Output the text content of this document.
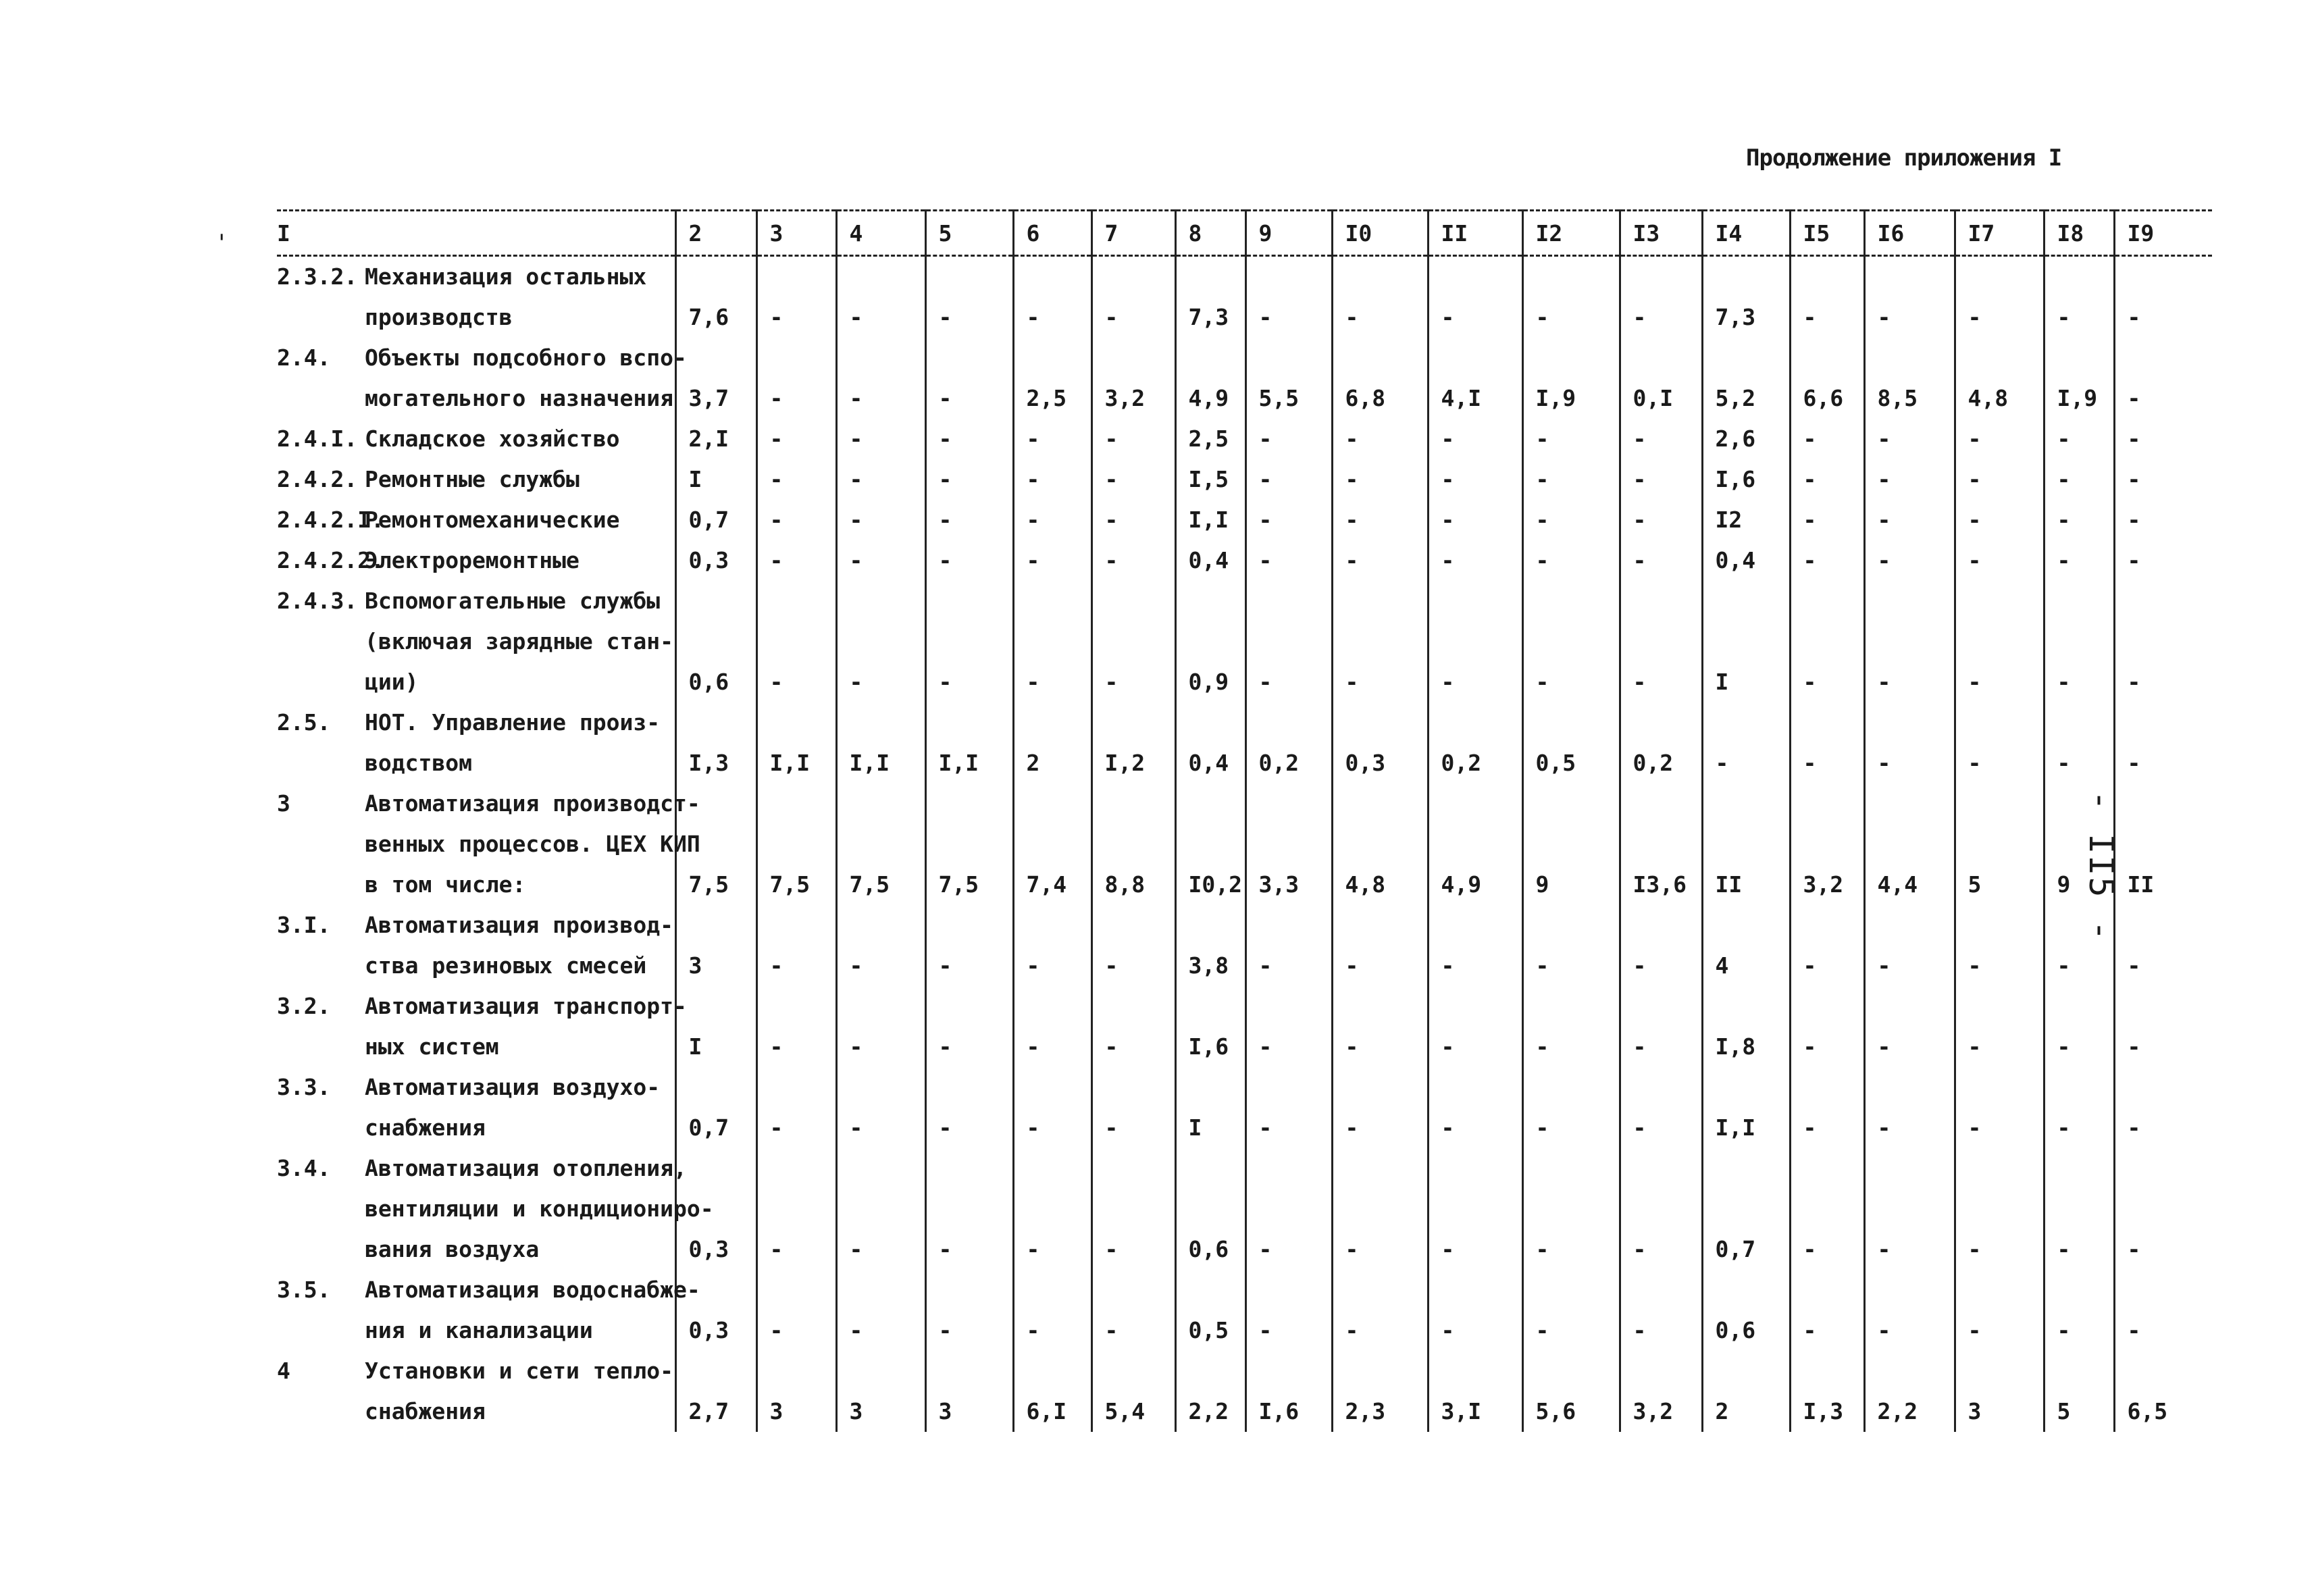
Продолжение приложения I
- II5 -
' I	2	3	4	5	6	7	8	9	I0	II	I2	I3	I4	I5	I6	I7	I8	I9

2.3.2. Механизация остальных
производств	7,6	-	-	-	-	-	7,3	-	-	-	-	-	7,3	-	-	-	-	-

2.4. Объекты подсобного вспо-
могательного назначения	3,7	-	-	-	2,5	3,2	4,9	5,5	6,8	4,I	I,9	0,I	5,2	6,6	8,5	4,8	I,9	-

2.4.I. Складское хозяйство	2,I	-	-	-	-	-	2,5	-	-	-	-	-	2,6	-	-	-	-	-

2.4.2. Ремонтные службы	I	-	-	-	-	-	I,5	-	-	-	-	-	I,6	-	-	-	-	-

2.4.2.I.Ремонтомеханические	0,7	-	-	-	-	-	I,I	-	-	-	-	-	I2	-	-	-	-	-

2.4.2.2.Электроремонтные	0,3	-	-	-	-	-	0,4	-	-	-	-	-	0,4	-	-	-	-	-

2.4.3. Вспомогательные службы
(включая зарядные стан-
ции)	0,6	-	-	-	-	-	0,9	-	-	-	-	-	I	-	-	-	-	-

2.5. НОТ. Управление произ-
водством	I,3	I,I	I,I	I,I	2	I,2	0,4	0,2	0,3	0,2	0,5	0,2	-	-	-	-	-	-

3 Автоматизация производст-
венных процессов. ЦЕХ КИП
в том числе:	7,5	7,5	7,5	7,5	7,4	8,8	I0,2	3,3	4,8	4,9	9	I3,6	II	3,2	4,4	5	9	II

3.I. Автоматизация производ-
ства резиновых смесей	3	-	-	-	-	-	3,8	-	-	-	-	-	4	-	-	-	-	-

3.2. Автоматизация транспорт-
ных систем	I	-	-	-	-	-	I,6	-	-	-	-	-	I,8	-	-	-	-	-

3.3. Автоматизация воздухо-
снабжения	0,7	-	-	-	-	-	I	-	-	-	-	-	I,I	-	-	-	-	-

3.4. Автоматизация отопления,
вентиляции и кондициониро-
вания воздуха	0,3	-	-	-	-	-	0,6	-	-	-	-	-	0,7	-	-	-	-	-

3.5. Автоматизация водоснабже-
ния и канализации	0,3	-	-	-	-	-	0,5	-	-	-	-	-	0,6	-	-	-	-	-

4 Установки и сети тепло-
снабжения	2,7	3	3	3	6,I	5,4	2,2	I,6	2,3	3,I	5,6	3,2	2	I,3	2,2	3	5	6,5
